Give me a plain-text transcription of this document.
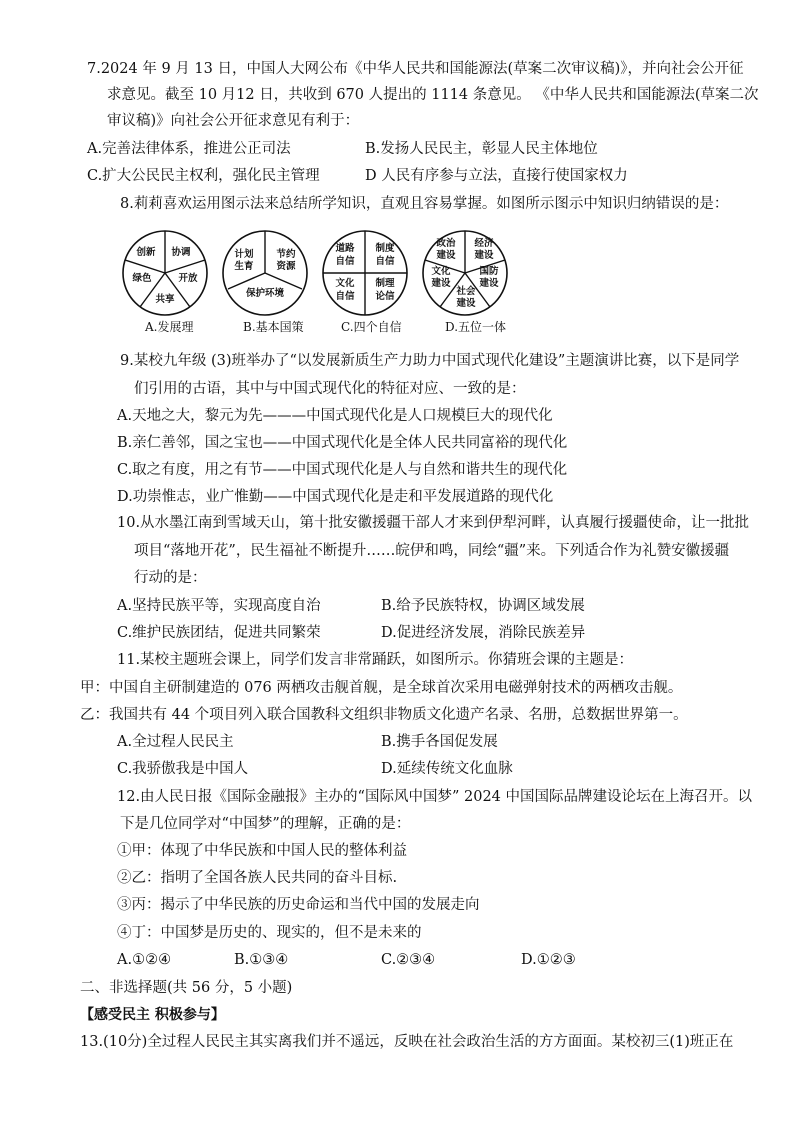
7.2024 年 9 月 13 日，中国人大网公布《中华人民共和国能源法(草案二次审议稿)》，并向社会公开征
求意见。截至 10 月12 日，共收到 670 人提出的 1114 条意见。 《中华人民共和国能源法(草案二次
审议稿)》向社会公开征求意见有利于：
A.完善法律体系，推进公正司法	B.发扬人民民主，彰显人民主体地位
C.扩大公民民主权利，强化民主管理	D 人民有序参与立法，直接行使国家权力
8.莉莉喜欢运用图示法来总结所学知识，直观且容易掌握。如图所示图示中知识归纳错误的是：
创新 协调
开放
共享
绿色
计划
生育
节约
资源
保护环境
道路
自信
制度
自信
制理
论信
文化
自信
政治
建设
经济
建设
国防
建设
社会
建设
文化
建设
A.发展理	B.基本国策	C.四个自信	D.五位一体
9.某校九年级 (3)班举办了“以发展新质生产力助力中国式现代化建设”主题演讲比赛，以下是同学
们引用的古语，其中与中国式现代化的特征对应、一致的是：
A.天地之大，黎元为先———中国式现代化是人口规模巨大的现代化
B.亲仁善邻，国之宝也——中国式现代化是全体人民共同富裕的现代化
C.取之有度，用之有节——中国式现代化是人与自然和谐共生的现代化
D.功崇惟志，业广惟勤——中国式现代化是走和平发展道路的现代化
10.从水墨江南到雪域天山，第十批安徽援疆干部人才来到伊犁河畔，认真履行援疆使命，让一批批
项目“落地开花”，民生福祉不断提升……皖伊和鸣，同绘“疆”来。下列适合作为礼赞安徽援疆
行动的是：
A.坚持民族平等，实现高度自治	B.给予民族特权，协调区域发展
C.维护民族团结，促进共同繁荣	D.促进经济发展，消除民族差异
11.某校主题班会课上，同学们发言非常踊跃，如图所示。你猜班会课的主题是：
甲：中国自主研制建造的 076 两栖攻击舰首舰，是全球首次采用电磁弹射技术的两栖攻击舰。
乙：我国共有 44 个项目列入联合国教科文组织非物质文化遗产名录、名册，总数据世界第一。
A.全过程人民民主	B.携手各国促发展
C.我骄傲我是中国人	D.延续传统文化血脉
12.由人民日报《国际金融报》主办的“国际风中国梦” 2024 中国国际品牌建设论坛在上海召开。以
下是几位同学对“中国梦”的理解，正确的是：
①甲：体现了中华民族和中国人民的整体利益
②乙：指明了全国各族人民共同的奋斗目标.
③丙：揭示了中华民族的历史命运和当代中国的发展走向
④丁：中国梦是历史的、现实的，但不是未来的
A.①②④	B.①③④	C.②③④	D.①②③
二、非选择题(共 56 分，5 小题)
【感受民主 积极参与】
13.(10分)全过程人民民主其实离我们并不遥远，反映在社会政治生活的方方面面。某校初三(1)班正在
